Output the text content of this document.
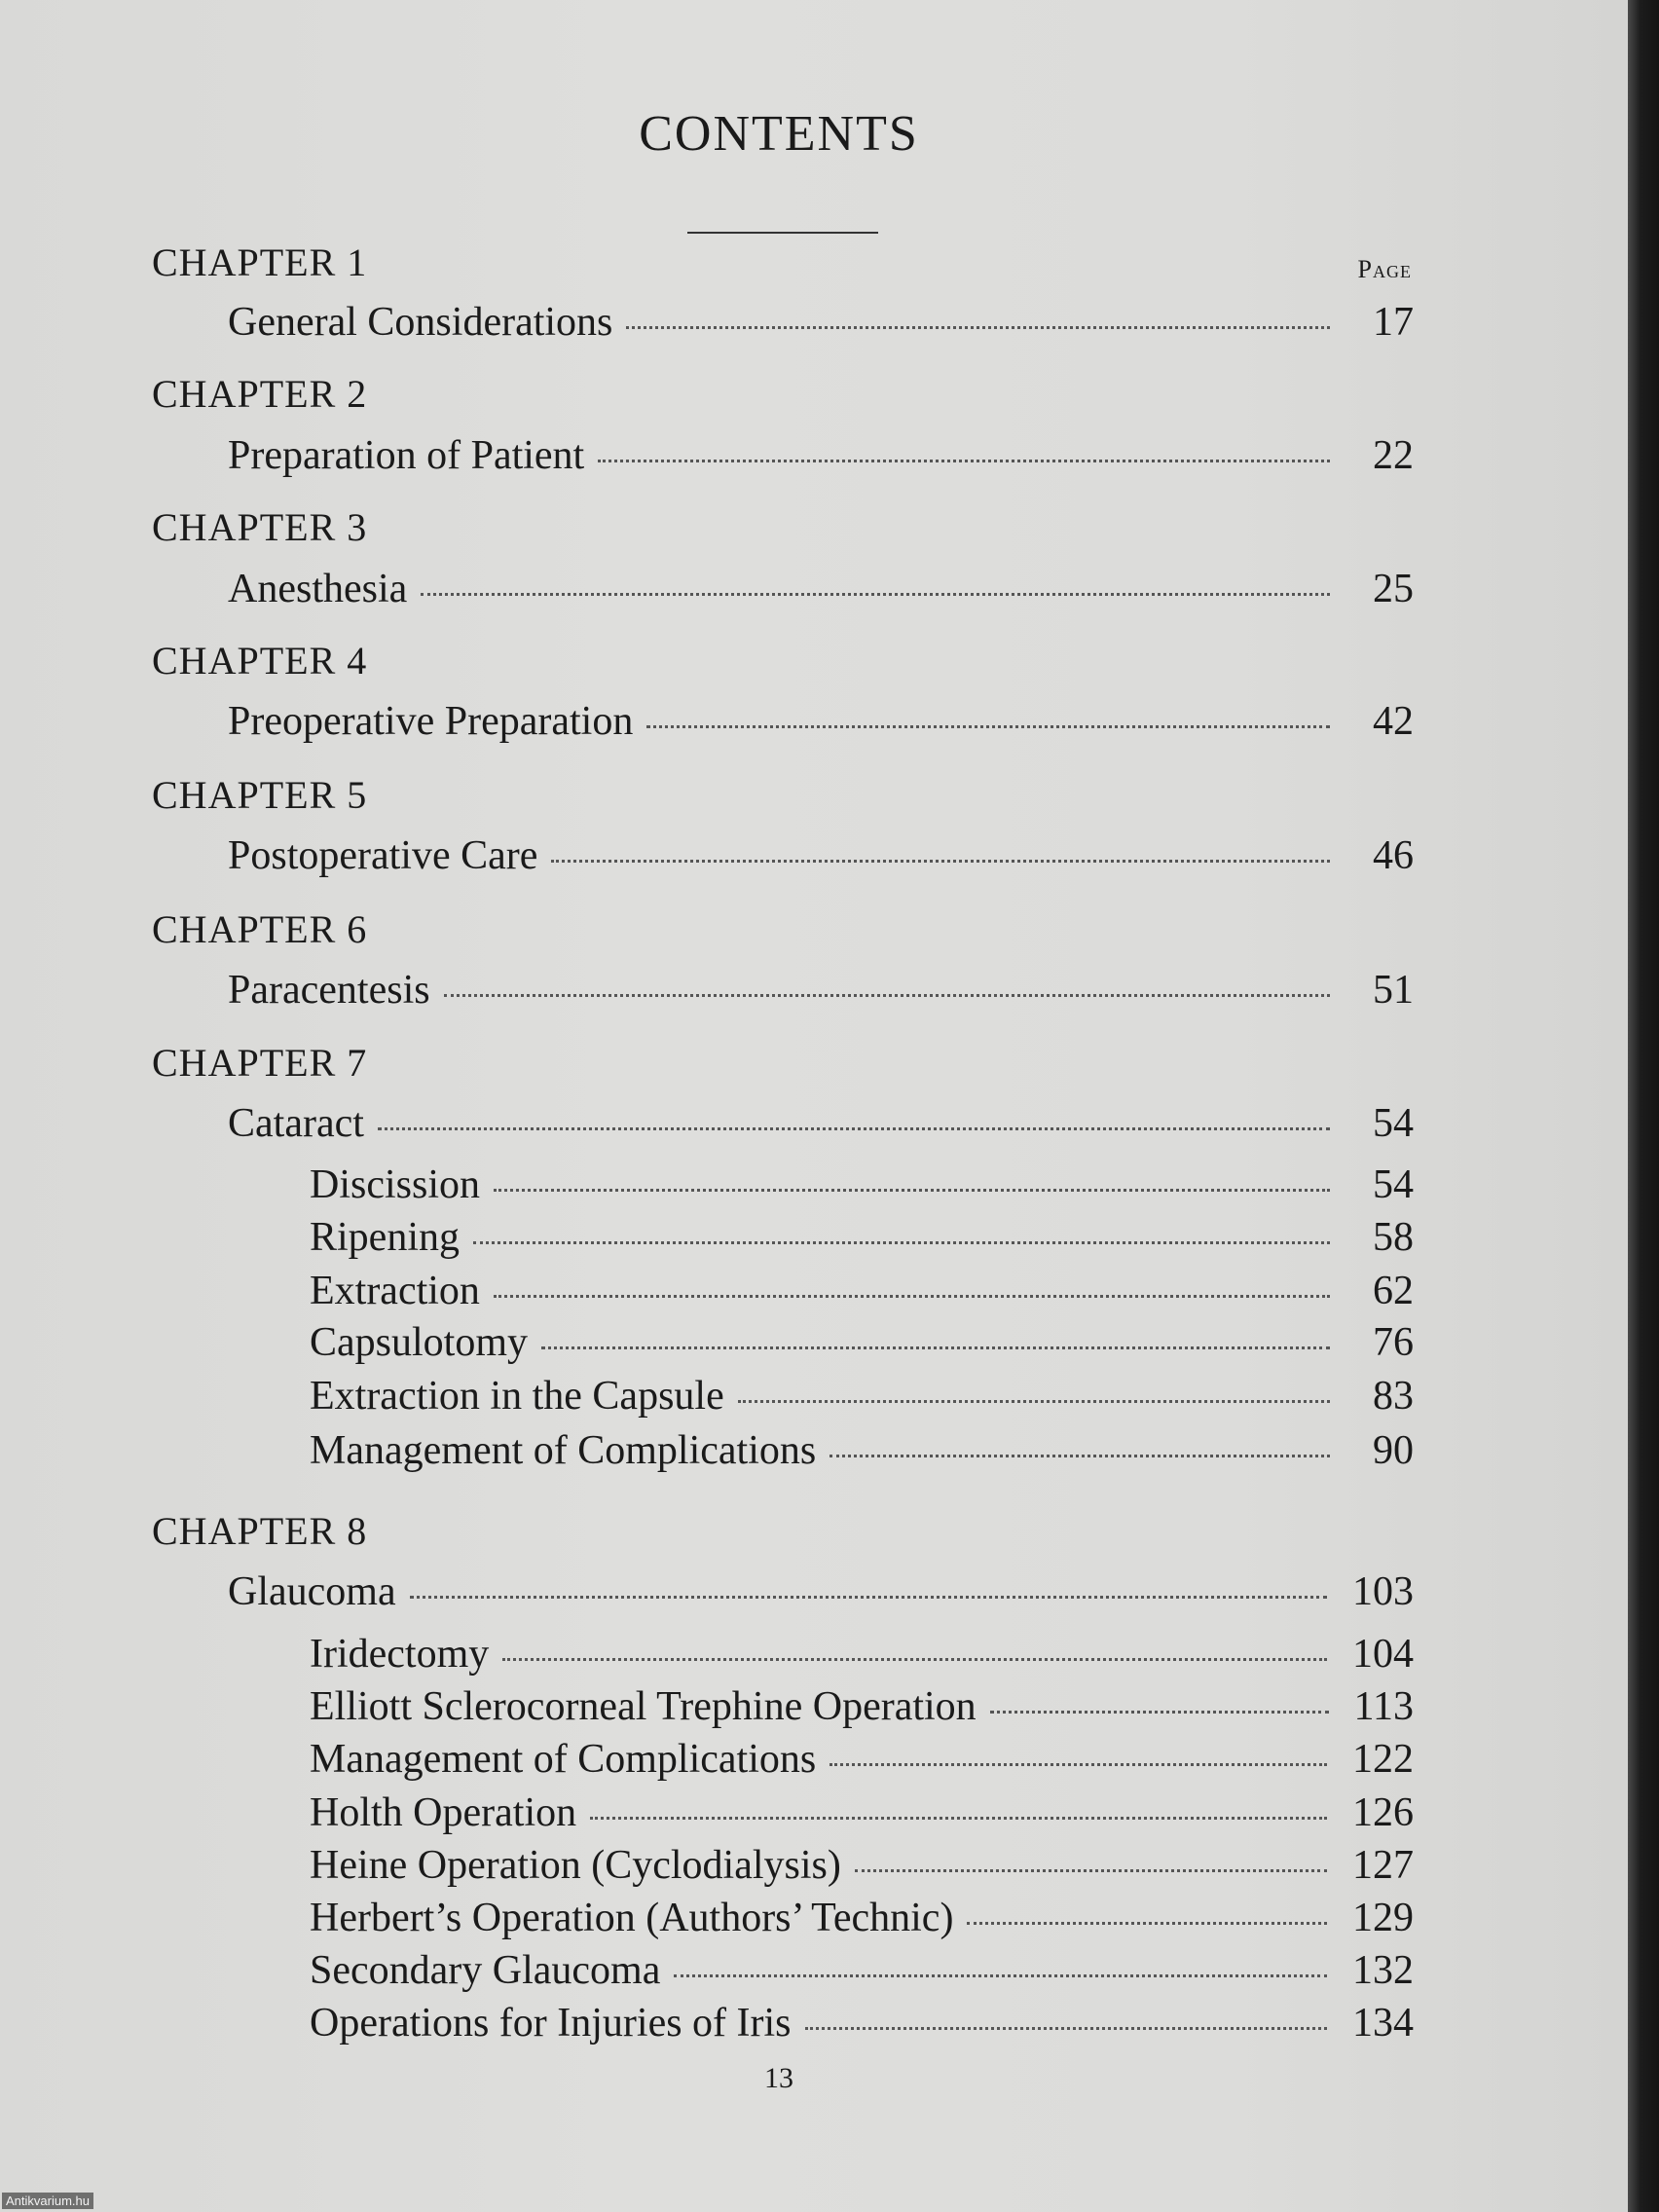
CONTENTS
Page
CHAPTER 1
General Considerations	17
CHAPTER 2
Preparation of Patient	22
CHAPTER 3
Anesthesia	25
CHAPTER 4
Preoperative Preparation	42
CHAPTER 5
Postoperative Care	46
CHAPTER 6
Paracentesis	51
CHAPTER 7
Cataract	54
Discission	54
Ripening	58
Extraction	62
Capsulotomy	76
Extraction in the Capsule	83
Management of Complications	90
CHAPTER 8
Glaucoma	103
Iridectomy	104
Elliott Sclerocorneal Trephine Operation	113
Management of Complications	122
Holth Operation	126
Heine Operation (Cyclodialysis)	127
Herbert’s Operation (Authors’ Technic)	129
Secondary Glaucoma	132
Operations for Injuries of Iris	134
13
Antikvarium.hu
